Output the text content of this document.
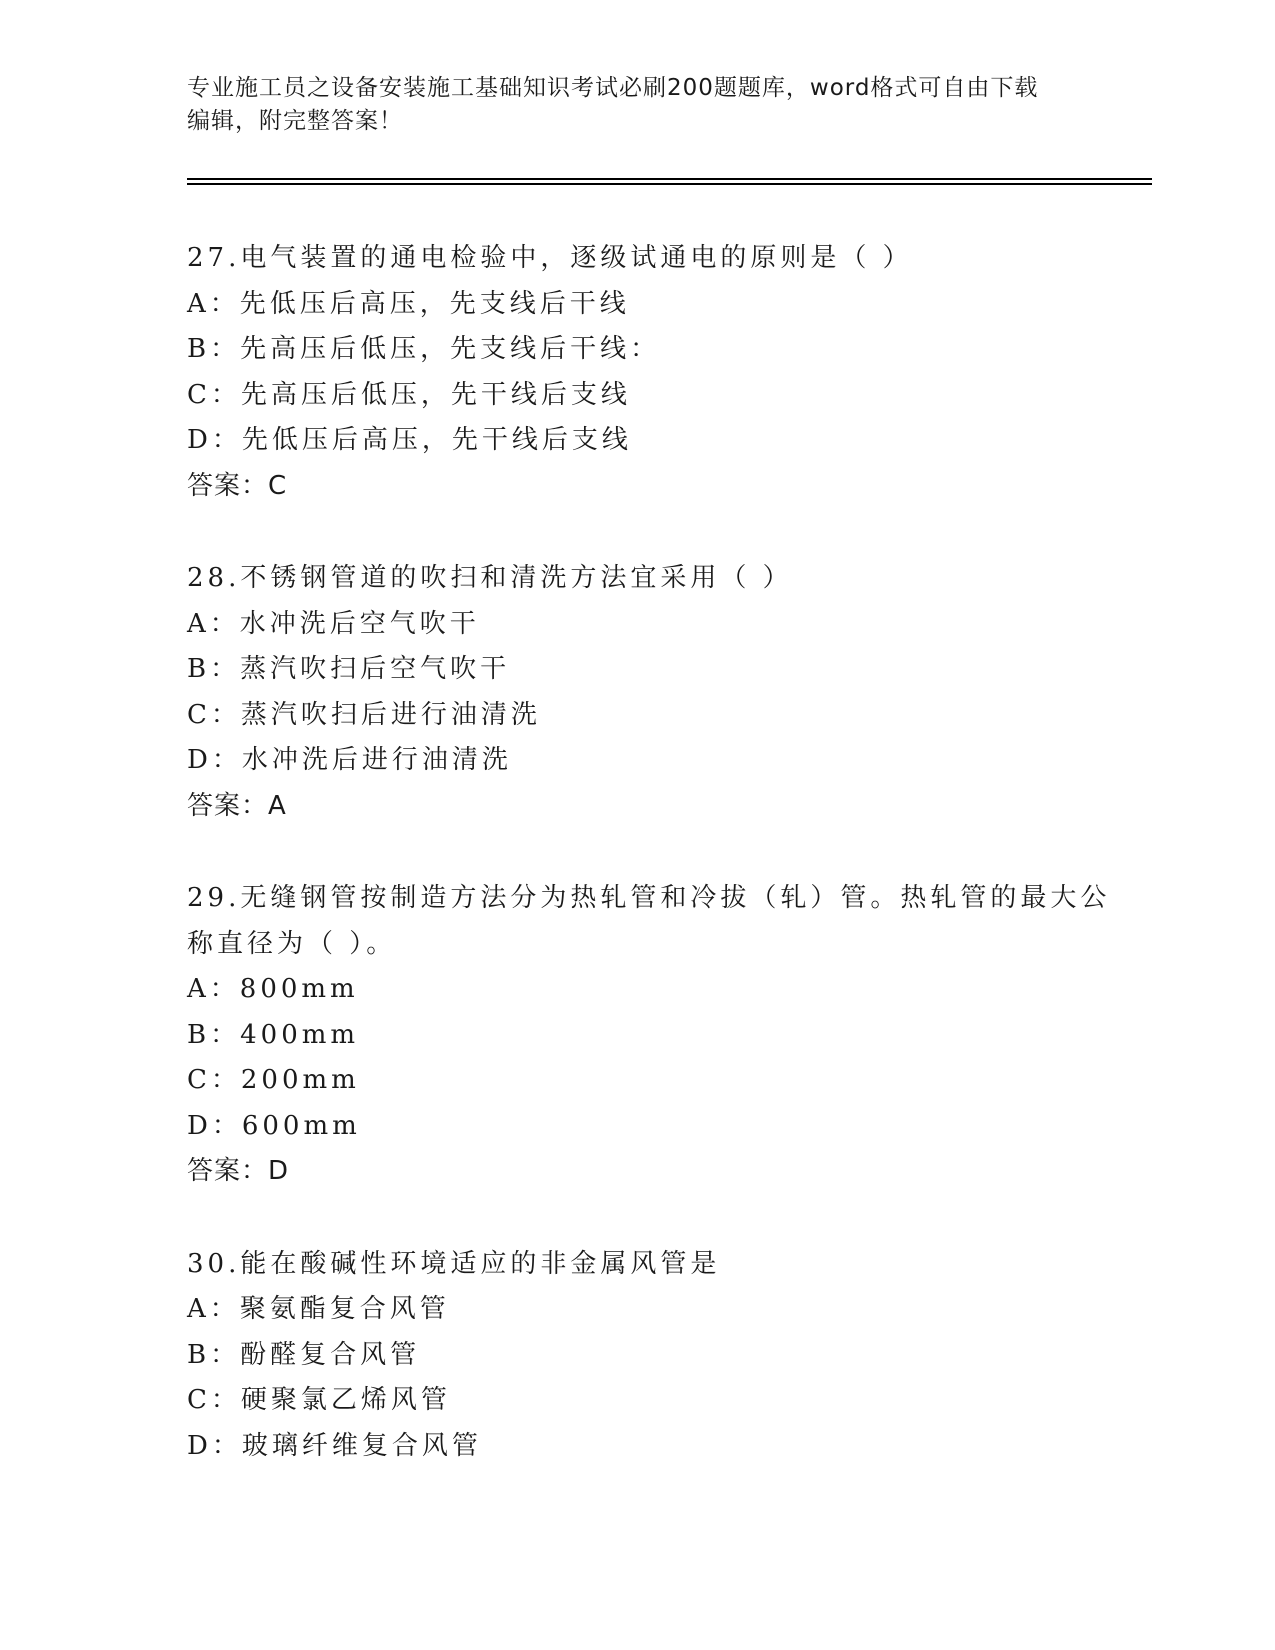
专业施工员之设备安装施工基础知识考试必刷200题题库，word格式可自由下载
编辑，附完整答案！
27.电气装置的通电检验中，逐级试通电的原则是（ ）
A：先低压后高压，先支线后干线
B：先高压后低压，先支线后干线：
C：先高压后低压，先干线后支线
D：先低压后高压，先干线后支线
答案：C
28.不锈钢管道的吹扫和清洗方法宜采用（ ）
A：水冲洗后空气吹干
B：蒸汽吹扫后空气吹干
C：蒸汽吹扫后进行油清洗
D：水冲洗后进行油清洗
答案：A
29.无缝钢管按制造方法分为热轧管和冷拔（轧）管。热轧管的最大公
称直径为（ ）。
A：800mm
B：400mm
C：200mm
D：600mm
答案：D
30.能在酸碱性环境适应的非金属风管是
A：聚氨酯复合风管
B：酚醛复合风管
C：硬聚氯乙烯风管
D：玻璃纤维复合风管
